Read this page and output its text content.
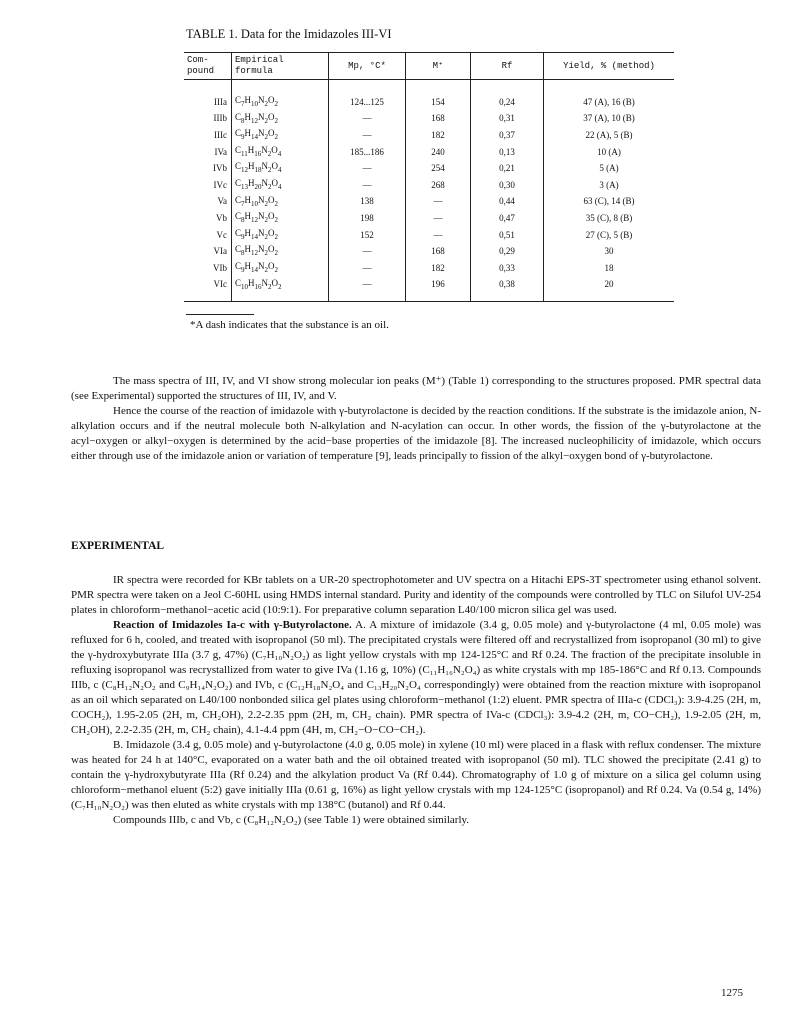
TABLE 1. Data for the Imidazoles III-VI
Com-
pound	Empirical
formula	Mp, °C*	M⁺	Rf	Yield, % (method)
IIIa	$C_7H_{10}N_2O_2$	124...125	154	0,24	47 (A), 16 (B)
IIIb	$C_8H_{12}N_2O_2$	—	168	0,31	37 (A), 10 (B)
IIIc	$C_9H_{14}N_2O_2$	—	182	0,37	22 (A), 5 (B)
IVa	$C_{11}H_{16}N_2O_4$	185...186	240	0,13	10 (A)
IVb	$C_{12}H_{18}N_2O_4$	—	254	0,21	5 (A)
IVc	$C_{13}H_{20}N_2O_4$	—	268	0,30	3 (A)
Va	$C_7H_{10}N_2O_2$	138	—	0,44	63 (C), 14 (B)
Vb	$C_8H_{12}N_2O_2$	198	—	0,47	35 (C), 8 (B)
Vc	$C_9H_{14}N_2O_2$	152	—	0,51	27 (C), 5 (B)
VIa	$C_8H_{12}N_2O_2$	—	168	0,29	30
VIb	$C_9H_{14}N_2O_2$	—	182	0,33	18
VIc	$C_{10}H_{16}N_2O_2$	—	196	0,38	20
*A dash indicates that the substance is an oil.

The mass spectra of III, IV, and VI show strong molecular ion peaks (M⁺) (Table 1) corresponding to the structures proposed. PMR spectral data (see Experimental) supported the structures of III, IV, and V.

Hence the course of the reaction of imidazole with γ-butyrolactone is decided by the reaction conditions. If the substrate is the imidazole anion, N-alkylation occurs and if the neutral molecule both N-alkylation and N-acylation can occur. In other words, the fission of the γ-butyrolactone at the acyl−oxygen or alkyl−oxygen is determined by the acid−base properties of the imidazole [8]. The increased nucleophilicity of imidazole, which occurs either through use of the imidazole anion or variation of temperature [9], leads principally to fission of the alkyl−oxygen bond of γ-butyrolactone.

EXPERIMENTAL

IR spectra were recorded for KBr tablets on a UR-20 spectrophotometer and UV spectra on a Hitachi EPS-3T spectrometer using ethanol solvent. PMR spectra were taken on a Jeol C-60HL using HMDS internal standard. Purity and identity of the compounds were controlled by TLC on Silufol UV-254 plates in chloroform−methanol−acetic acid (10:9:1). For preparative column separation L40/100 micron silica gel was used.

Reaction of Imidazoles Ia-c with γ-Butyrolactone. A. A mixture of imidazole (3.4 g, 0.05 mole) and γ-butyrolactone (4 ml, 0.05 mole) was refluxed for 6 h, cooled, and treated with isopropanol (50 ml). The precipitated crystals were filtered off and recrystallized from isopropanol (30 ml) to give the γ-hydroxybutyrate IIIa (3.7 g, 47%) (C₇H₁₀N₂O₂) as light yellow crystals with mp 124-125°C and Rf 0.24. The fraction of the precipitate insoluble in refluxing isopropanol was recrystallized from water to give IVa (1.16 g, 10%) (C₁₁H₁₆N₂O₄) as white crystals with mp 185-186°C and Rf 0.13. Compounds IIIb, c (C₈H₁₂N₂O₂ and C₉H₁₄N₂O₂) and IVb, c (C₁₂H₁₈N₂O₄ and C₁₃H₂₀N₂O₄ correspondingly) were obtained from the reaction mixture with isopropanol as an oil which separated on L40/100 nonbonded silica gel plates using chloroform−methanol (1:2) eluent. PMR spectra of IIIa-c (CDCl₃): 3.9-4.25 (2H, m, COCH₂), 1.95-2.05 (2H, m, CH₂OH), 2.2-2.35 ppm (2H, m, CH₂ chain). PMR spectra of IVa-c (CDCl₃): 3.9-4.2 (2H, m, CO−CH₂), 1.9-2.05 (2H, m, CH₂OH), 2.2-2.35 (2H, m, CH₂ chain), 4.1-4.4 ppm (4H, m, CH₂−O−CO−CH₂).

B. Imidazole (3.4 g, 0.05 mole) and γ-butyrolactone (4.0 g, 0.05 mole) in xylene (10 ml) were placed in a flask with reflux condenser. The mixture was heated for 24 h at 140°C, evaporated on a water bath and the oil obtained treated with isopropanol (50 ml). TLC showed the precipitate (2.41 g) to contain the γ-hydroxybutyrate IIIa (Rf 0.24) and the alkylation product Va (Rf 0.44). Chromatography of 1.0 g of mixture on a silica gel column using chloroform−methanol eluent (5:2) gave initially IIIa (0.61 g, 16%) as light yellow crystals with mp 124-125°C (isopropanol) and Rf 0.24. Va (0.54 g, 14%) (C₇H₁₀N₂O₂) was then eluted as white crystals with mp 138°C (butanol) and Rf 0.44.

Compounds IIIb, c and Vb, c (C₈H₁₂N₂O₂) (see Table 1) were obtained similarly.

1275
